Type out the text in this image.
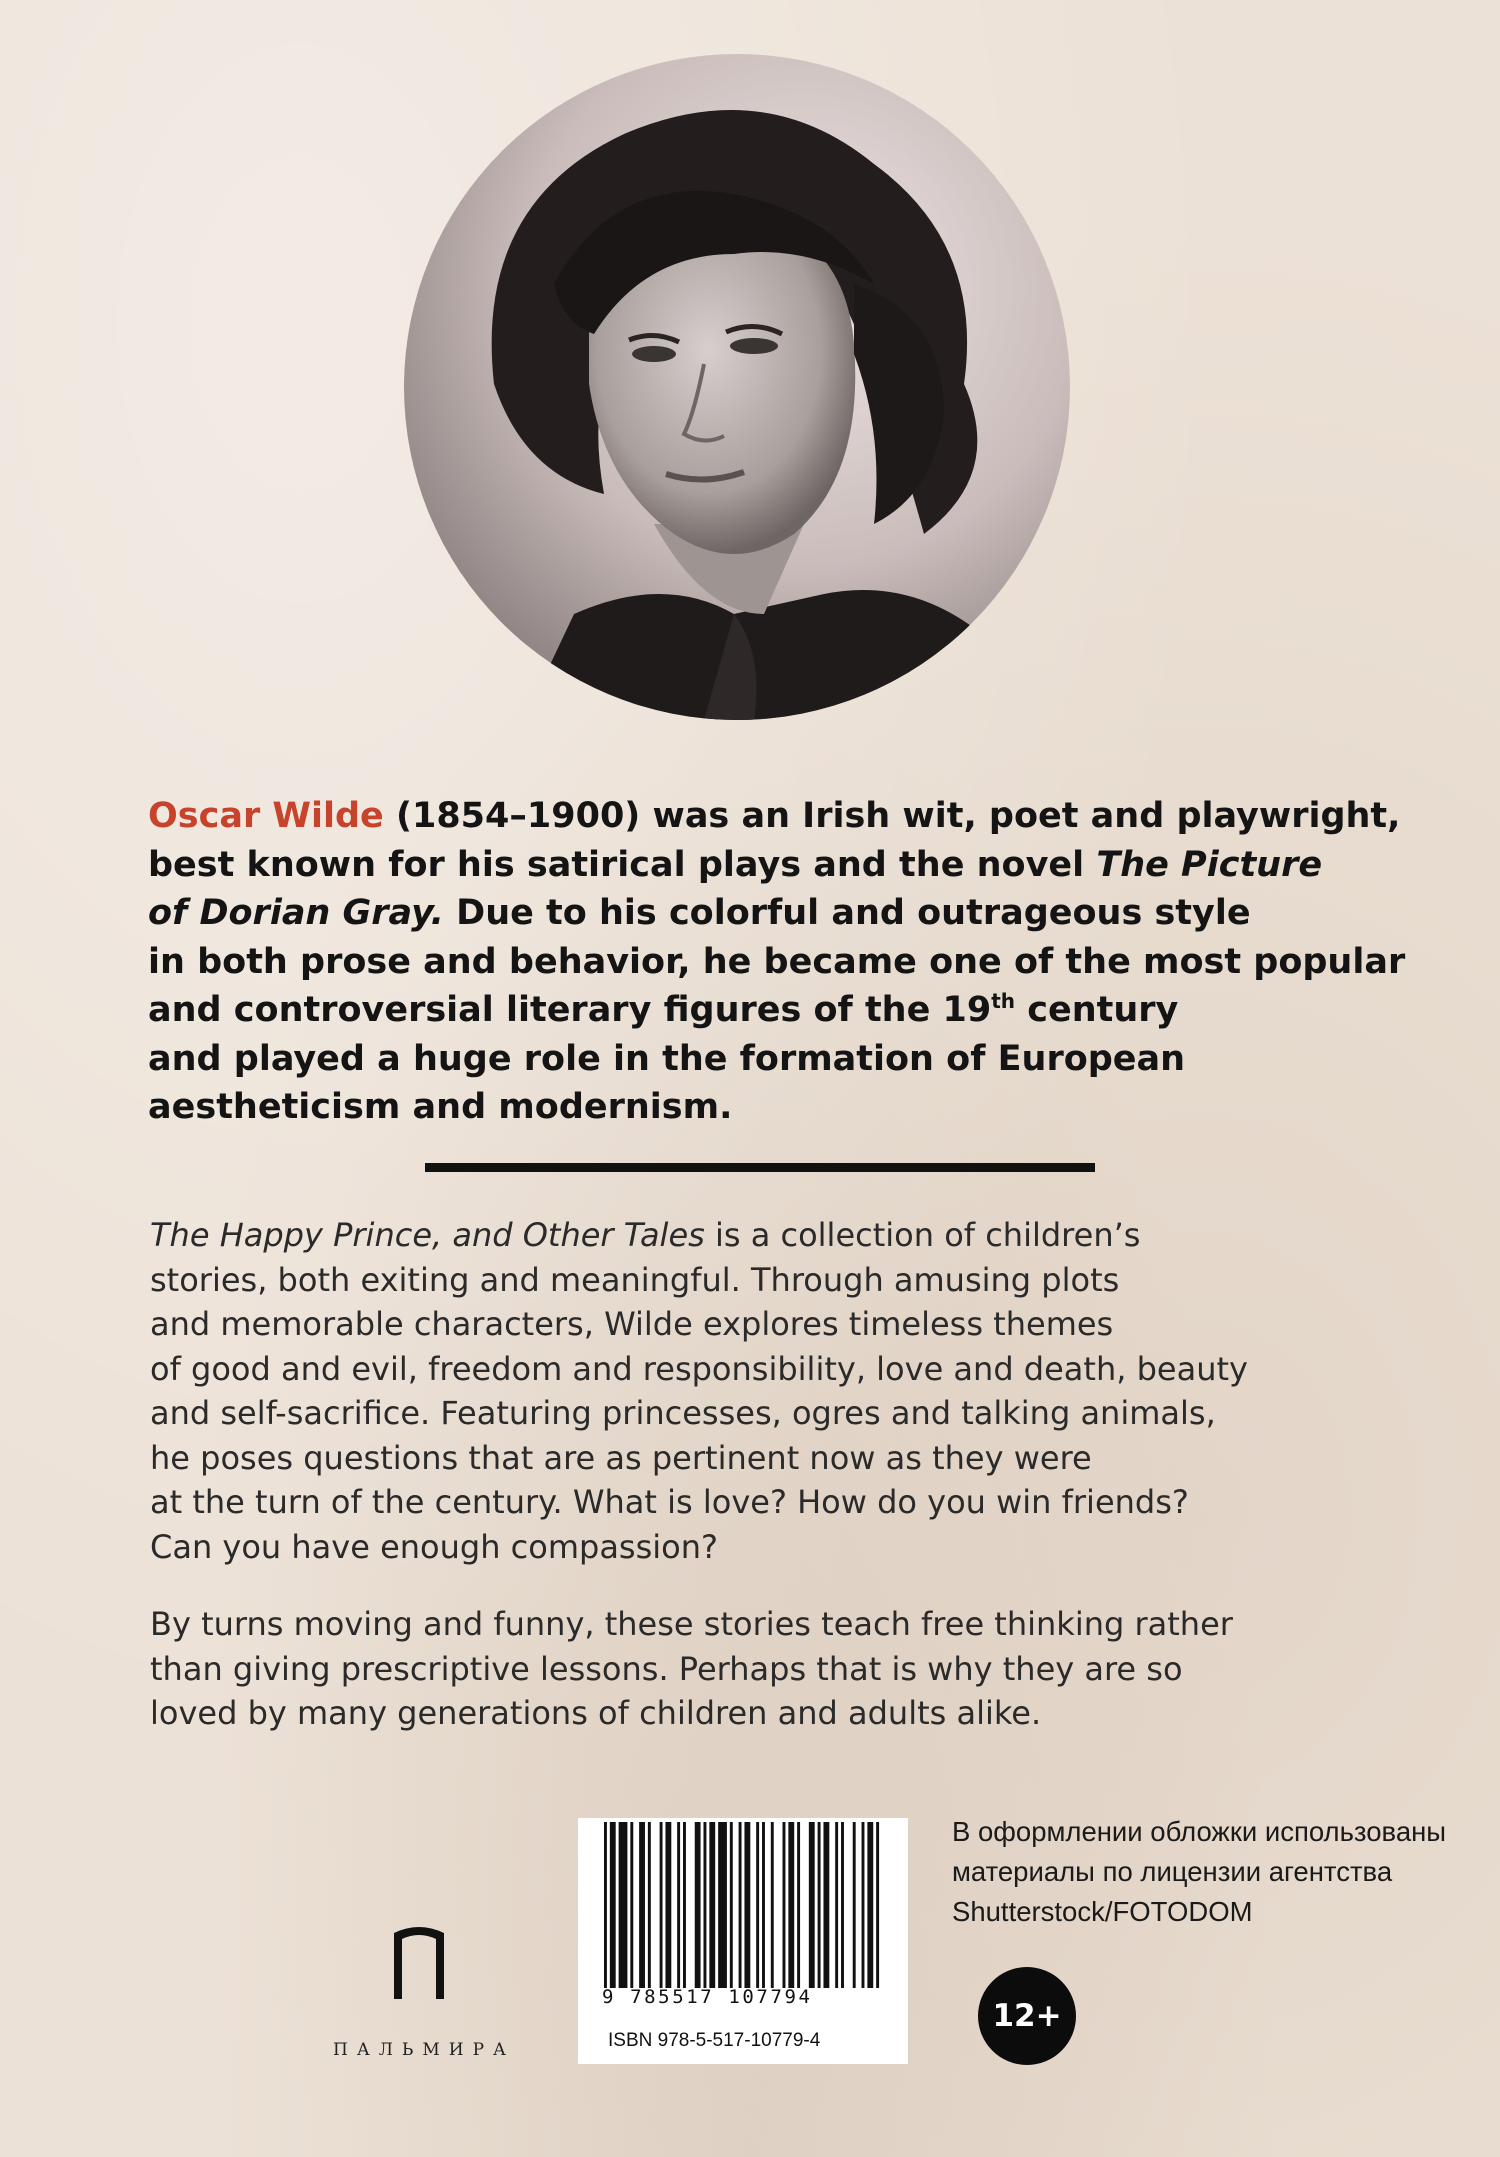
Oscar Wilde (1854–1900) was an Irish wit, poet and playwright,
best known for his satirical plays and the novel The Picture
of Dorian Gray. Due to his colorful and outrageous style
in both prose and behavior, he became one of the most popular
and controversial literary figures of the 19th century
and played a huge role in the formation of European
aestheticism and modernism.
The Happy Prince, and Other Tales is a collection of children’s
stories, both exiting and meaningful. Through amusing plots
and memorable characters, Wilde explores timeless themes
of good and evil, freedom and responsibility, love and death, beauty
and self-sacrifice. Featuring princesses, ogres and talking animals,
he poses questions that are as pertinent now as they were
at the turn of the century. What is love? How do you win friends?
Can you have enough compassion?
By turns moving and funny, these stories teach free thinking rather
than giving prescriptive lessons. Perhaps that is why they are so
loved by many generations of children and adults alike.
ПАЛЬМИРА
9 785517 107794
ISBN 978-5-517-10779-4
В оформлении обложки использованы
материалы по лицензии агентства
Shutterstock/FOTODOM
12+
